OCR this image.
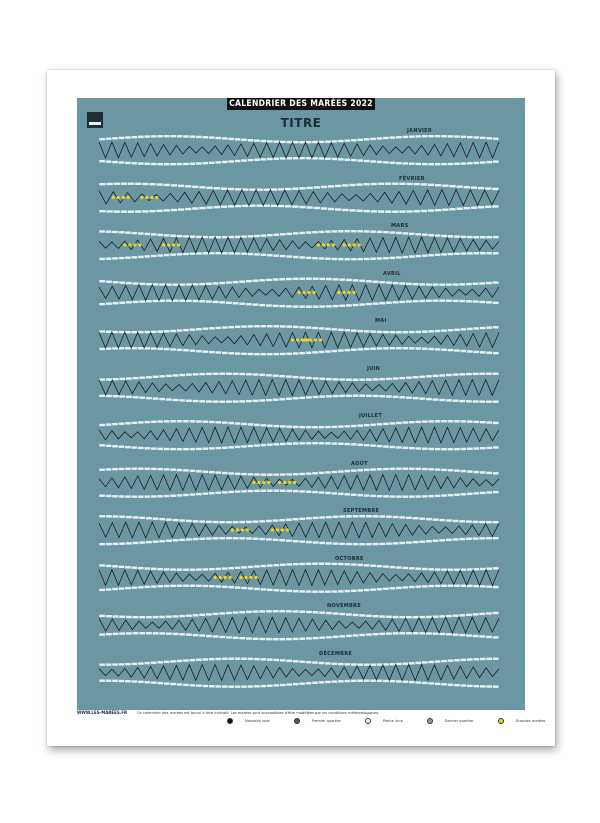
CALENDRIER DES MARÉES 2022
TITRE
JANVIER
FÉVRIER
MARS
AVRIL
MAI
JUIN
JUILLET
AOÛT
SEPTEMBRE
OCTOBRE
NOVEMBRE
DÉCEMBRE
WWW.LES-MARÉES.FR	Ce calendrier des marées est fourni à titre indicatif. Les marées sont susceptibles d'être modifiées par les conditions météorologiques.
Nouvelle lune	Premier quartier	Pleine lune	Dernier quartier	Grandes marées
